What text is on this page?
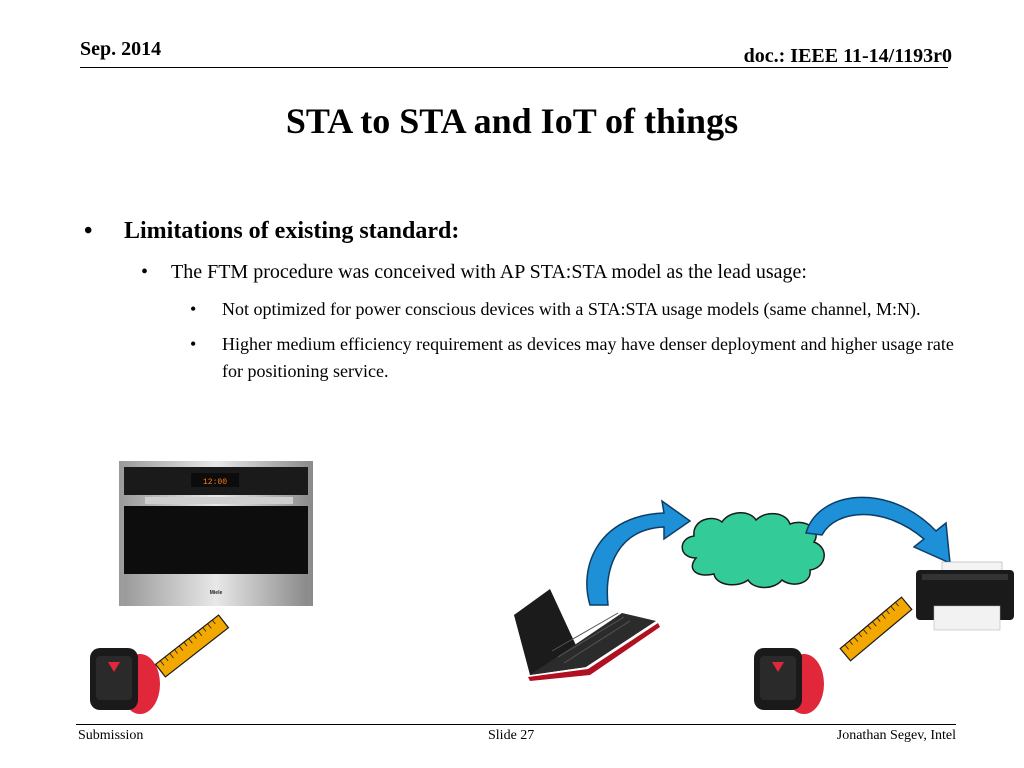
Sep. 2014	doc.: IEEE 11-14/1193r0
STA to STA and IoT of things
• Limitations of existing standard:
• The FTM procedure was conceived with AP STA:STA model as the lead usage:
• Not optimized for power conscious devices with a STA:STA usage models (same channel, M:N).
• Higher medium efficiency requirement as devices may have denser deployment and higher usage rate for positioning service.
12:00
Miele
Submission	Slide 27	Jonathan Segev, Intel
